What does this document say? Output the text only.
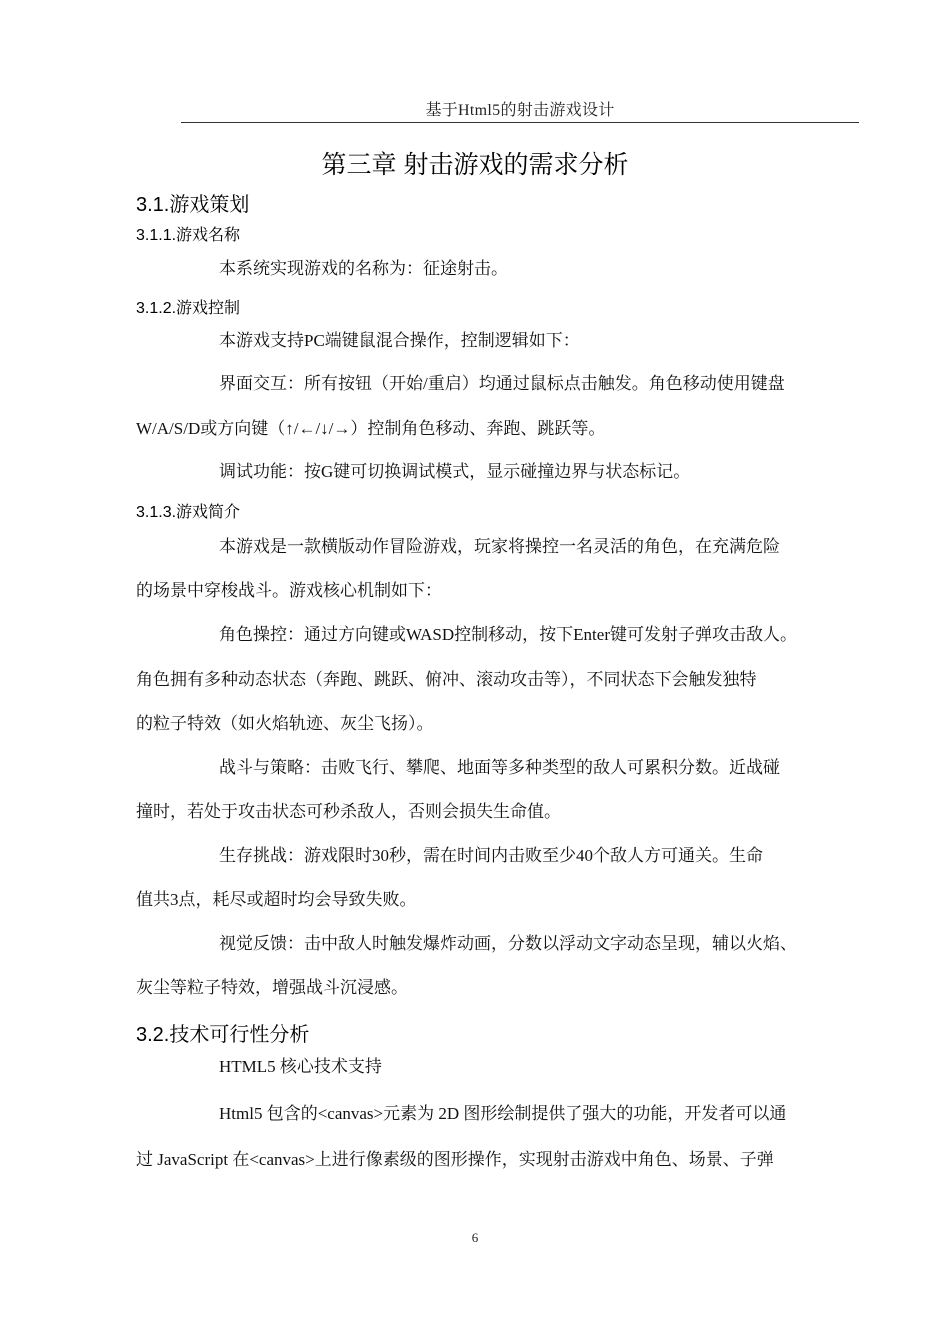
基于Html5的射击游戏设计
第三章 射击游戏的需求分析
3.1.游戏策划
3.1.1.游戏名称
本系统实现游戏的名称为：征途射击。
3.1.2.游戏控制
本游戏支持PC端键鼠混合操作，控制逻辑如下：
界面交互：所有按钮（开始/重启）均通过鼠标点击触发。角色移动使用键盘
W/A/S/D或方向键（↑/←/↓/→）控制角色移动、奔跑、跳跃等。
调试功能：按G键可切换调试模式，显示碰撞边界与状态标记。
3.1.3.游戏简介
本游戏是一款横版动作冒险游戏，玩家将操控一名灵活的角色，在充满危险
的场景中穿梭战斗。游戏核心机制如下：
角色操控：通过方向键或WASD控制移动，按下Enter键可发射子弹攻击敌人。
角色拥有多种动态状态（奔跑、跳跃、俯冲、滚动攻击等），不同状态下会触发独特
的粒子特效（如火焰轨迹、灰尘飞扬）。
战斗与策略：击败飞行、攀爬、地面等多种类型的敌人可累积分数。近战碰
撞时，若处于攻击状态可秒杀敌人，否则会损失生命值。
生存挑战：游戏限时30秒，需在时间内击败至少40个敌人方可通关。生命
值共3点，耗尽或超时均会导致失败。
视觉反馈：击中敌人时触发爆炸动画，分数以浮动文字动态呈现，辅以火焰、
灰尘等粒子特效，增强战斗沉浸感。
3.2.技术可行性分析
HTML5 核心技术支持
Html5 包含的<canvas>元素为 2D 图形绘制提供了强大的功能，开发者可以通
过 JavaScript 在<canvas>上进行像素级的图形操作，实现射击游戏中角色、场景、子弹
6
